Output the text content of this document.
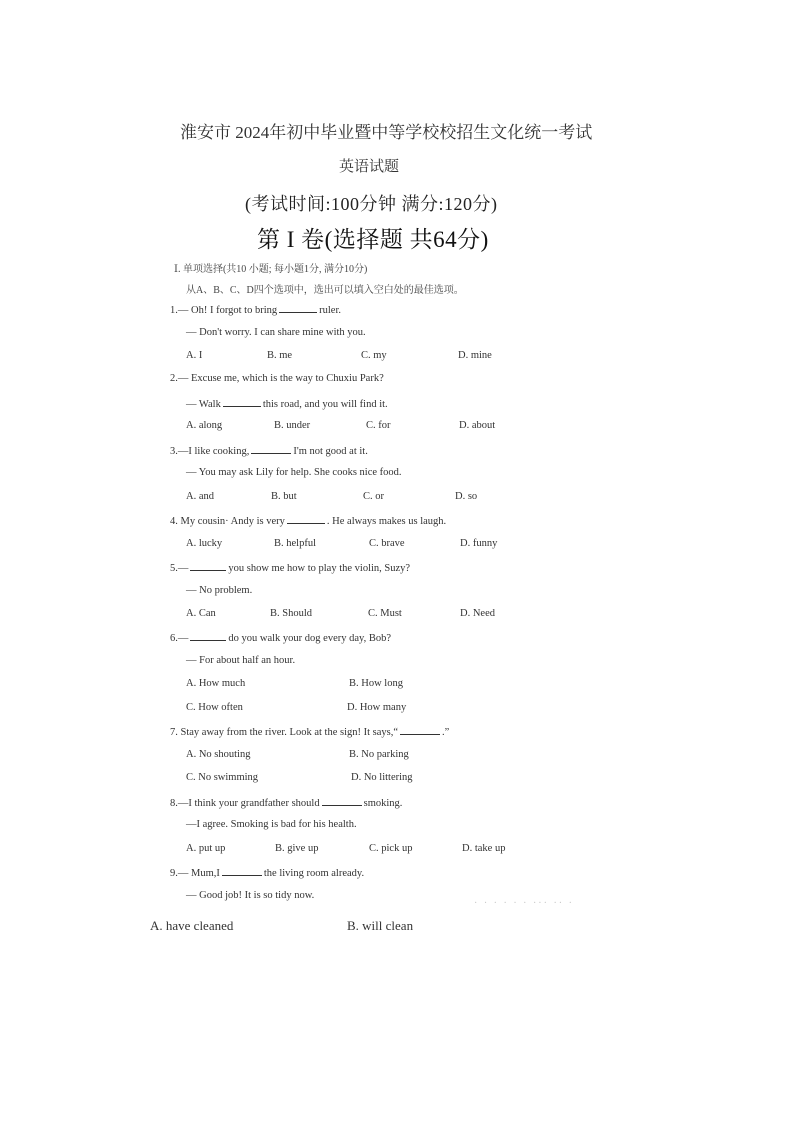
淮安市 2024年初中毕业暨中等学校校招生文化统一考试
英语试题
(考试时间:100分钟 满分:120分)
第 I 卷(选择题 共64分)
Ⅰ. 单项选择(共10 小题; 每小题1分, 满分10分)
从A、B、C、D四个选项中，选出可以填入空白处的最佳选项。
1.— Oh! I forgot to bring	ruler.
— Don't worry. I can share mine with you.
A. I	B. me	C. my	D. mine
2.— Excuse me, which is the way to Chuxiu Park?
— Walk	this road, and you will find it.
A. along	B. under	C. for	D. about
3.—I like cooking,	I'm not good at it.
— You may ask Lily for help. She cooks nice food.
A. and	B. but	C. or	D. so
4. My cousin· Andy is very	. He always makes us laugh.
A. lucky	B. helpful	C. brave	D. funny
5.—	you show me how to play the violin, Suzy?
— No problem.
A. Can	B. Should	C. Must	D. Need
6.—	do you walk your dog every day, Bob?
— For about half an hour.
A. How much	B. How long
C. How often	D. How many
7. Stay away from the river. Look at the sign! It says,“	.”
A. No shouting	B. No parking
C. No swimming	D. No littering
8.—I think your grandfather should	smoking.
—I agree. Smoking is bad for his health.
A. put up	B. give up	C. pick up	D. take up
9.— Mum,I	the living room already.
— Good job! It is so tidy now.
· · · · · · ··· ·· ·
A. have cleaned	B. will clean
